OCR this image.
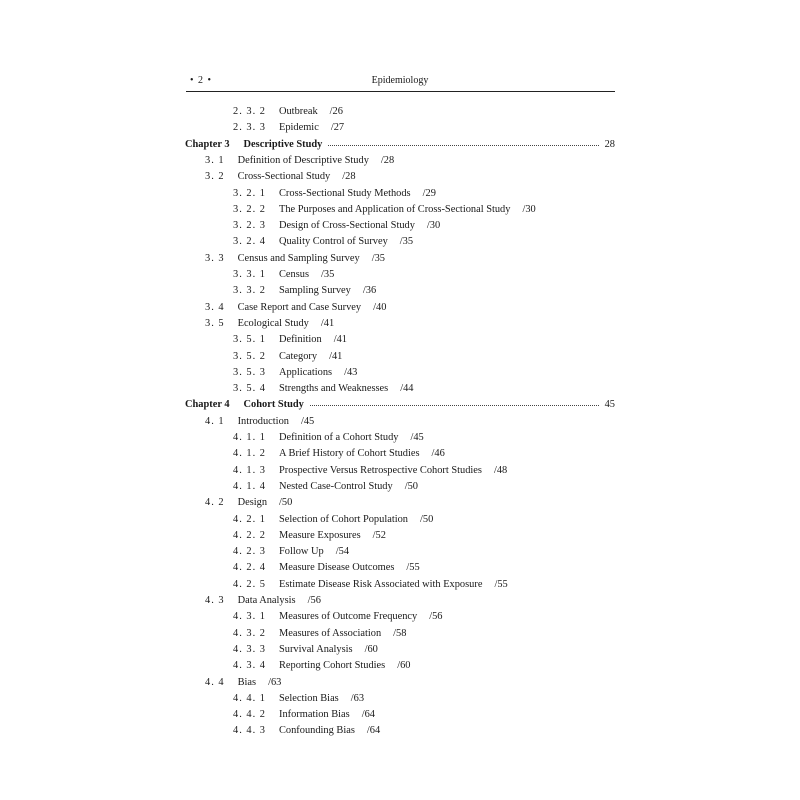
• 2 •	Epidemiology
2. 3. 2 Outbreak /26
2. 3. 3 Epidemic /27
Chapter 3 Descriptive Study	28
3. 1 Definition of Descriptive Study /28
3. 2 Cross-Sectional Study /28
3. 2. 1 Cross-Sectional Study Methods /29
3. 2. 2 The Purposes and Application of Cross-Sectional Study /30
3. 2. 3 Design of Cross-Sectional Study /30
3. 2. 4 Quality Control of Survey /35
3. 3 Census and Sampling Survey /35
3. 3. 1 Census /35
3. 3. 2 Sampling Survey /36
3. 4 Case Report and Case Survey /40
3. 5 Ecological Study /41
3. 5. 1 Definition /41
3. 5. 2 Category /41
3. 5. 3 Applications /43
3. 5. 4 Strengths and Weaknesses /44
Chapter 4 Cohort Study	45
4. 1 Introduction /45
4. 1. 1 Definition of a Cohort Study /45
4. 1. 2 A Brief History of Cohort Studies /46
4. 1. 3 Prospective Versus Retrospective Cohort Studies /48
4. 1. 4 Nested Case-Control Study /50
4. 2 Design /50
4. 2. 1 Selection of Cohort Population /50
4. 2. 2 Measure Exposures /52
4. 2. 3 Follow Up /54
4. 2. 4 Measure Disease Outcomes /55
4. 2. 5 Estimate Disease Risk Associated with Exposure /55
4. 3 Data Analysis /56
4. 3. 1 Measures of Outcome Frequency /56
4. 3. 2 Measures of Association /58
4. 3. 3 Survival Analysis /60
4. 3. 4 Reporting Cohort Studies /60
4. 4 Bias /63
4. 4. 1 Selection Bias /63
4. 4. 2 Information Bias /64
4. 4. 3 Confounding Bias /64
